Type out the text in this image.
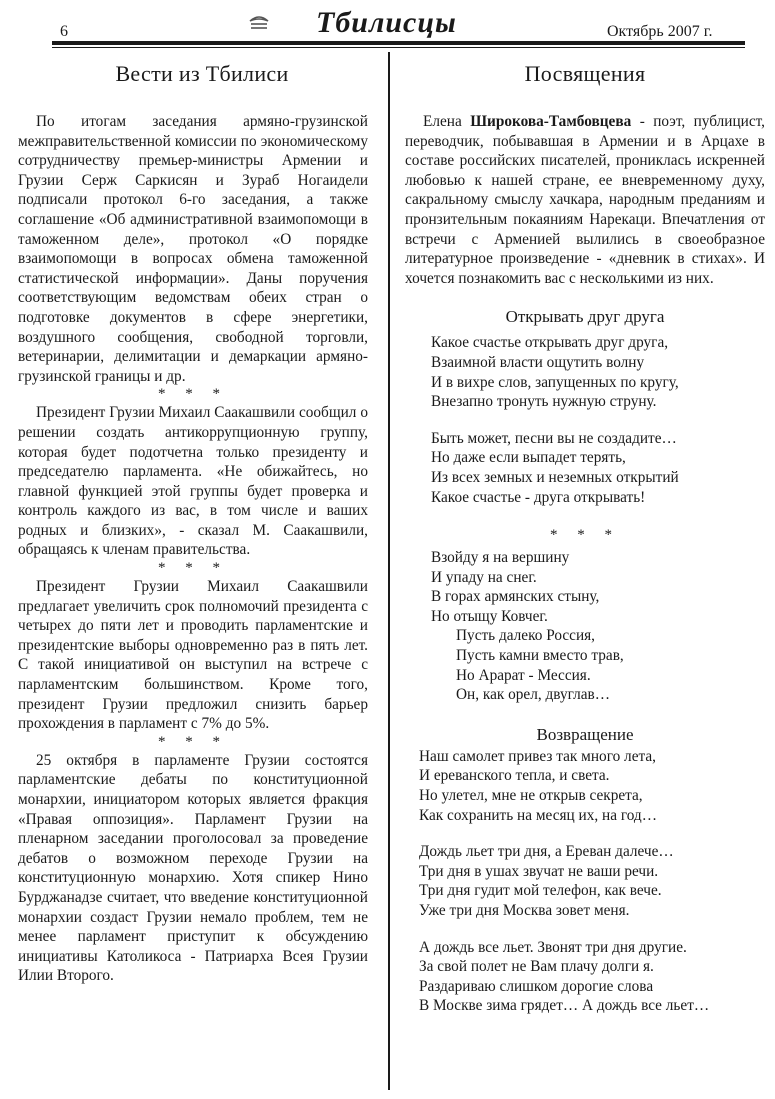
6	Тбилисцы	Октябрь 2007 г.
Вести из Тбилиси

По итогам заседания армяно-грузинской межправительственной комиссии по экономическому сотрудничеству премьер-министры Армении и Грузии Серж Саркисян и Зураб Ногаидели подписали протокол 6-го заседания, а также соглашение «Об административной взаимопомощи в таможенном деле», протокол «О порядке взаимопомощи в вопросах обмена таможенной статистической информации». Даны поручения соответствующим ведомствам обеих стран о подготовке документов в сфере энергетики, воздушного сообщения, свободной торговли, ветеринарии, делимитации и демаркации армяно-грузинской границы и др.

* * *

Президент Грузии Михаил Саакашвили сообщил о решении создать антикоррупционную группу, которая будет подотчетна только президенту и председателю парламента. «Не обижайтесь, но главной функцией этой группы будет проверка и контроль каждого из вас, в том числе и ваших родных и близких», - сказал М. Саакашвили, обращаясь к членам правительства.

* * *

Президент Грузии Михаил Саакашвили предлагает увеличить срок полномочий президента с четырех до пяти лет и проводить парламентские и президентские выборы одновременно раз в пять лет. С такой инициативой он выступил на встрече с парламентским большинством. Кроме того, президент Грузии предложил снизить барьер прохождения в парламент с 7% до 5%.

* * *

25 октября в парламенте Грузии состоятся парламентские дебаты по конституционной монархии, инициатором которых является фракция «Правая оппозиция». Парламент Грузии на пленарном заседании проголосовал за проведение дебатов о возможном переходе Грузии на конституционную монархию. Хотя спикер Нино Бурджанадзе считает, что введение конституционной монархии создаст Грузии немало проблем, тем не менее парламент приступит к обсуждению инициативы Католикоса - Патриарха Всея Грузии Илии Второго.

Посвящения

Елена Широкова-Тамбовцева - поэт, публицист, переводчик, побывавшая в Армении и в Арцахе в составе российских писателей, прониклась искренней любовью к нашей стране, ее вневременному духу, сакральному смыслу хачкара, народным преданиям и пронзительным покаяниям Нарекаци. Впечатления от встречи с Арменией вылились в своеобразное литературное произведение - «дневник в стихах». И хочется познакомить вас с несколькими из них.

Открывать друг друга
Какое счастье открывать друг друга,
Взаимной власти ощутить волну
И в вихре слов, запущенных по кругу,
Внезапно тронуть нужную струну.
Быть может, песни вы не создадите…
Но даже если выпадет терять,
Из всех земных и неземных открытий
Какое счастье - друга открывать!
* * *
Взойду я на вершину
И упаду на снег.
В горах армянских стыну,
Но отыщу Ковчег.
Пусть далеко Россия,
Пусть камни вместо трав,
Но Арарат - Мессия.
Он, как орел, двуглав…
Возвращение
Наш самолет привез так много лета,
И ереванского тепла, и света.
Но улетел, мне не открыв секрета,
Как сохранить на месяц их, на год…
Дождь льет три дня, а Ереван далече…
Три дня в ушах звучат не ваши речи.
Три дня гудит мой телефон, как вече.
Уже три дня Москва зовет меня.
А дождь все льет. Звонят три дня другие.
За свой полет не Вам плачу долги я.
Раздариваю слишком дорогие слова
В Москве зима грядет… А дождь все льет…
